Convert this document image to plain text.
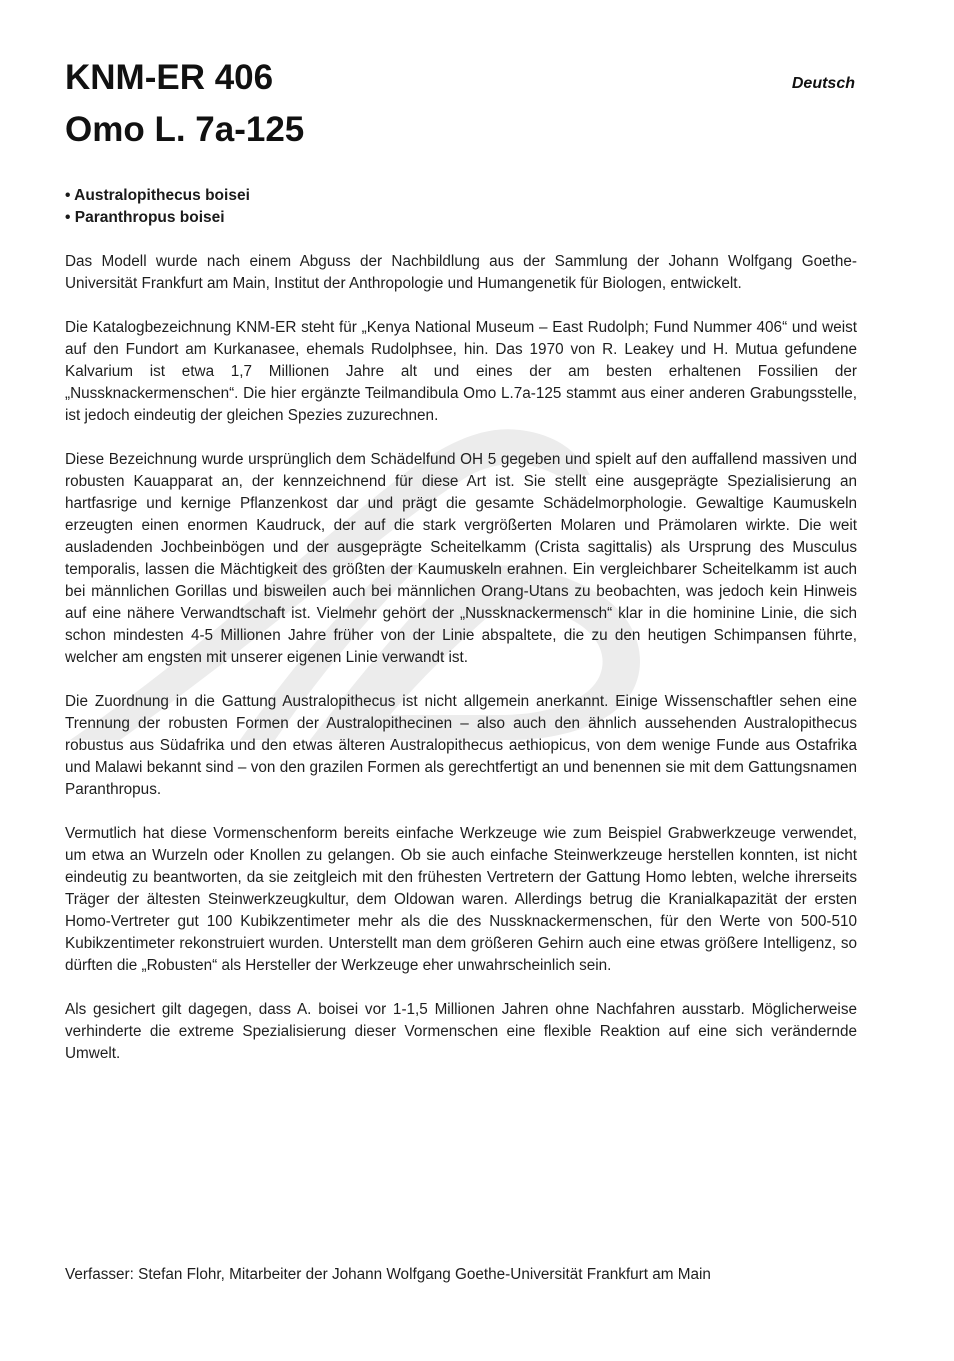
KNM-ER 406
Omo L. 7a-125
Deutsch
• Australopithecus boisei
• Paranthropus boisei

Das Modell wurde nach einem Abguss der Nachbildlung aus der Sammlung der Johann Wolfgang Goethe-Universität Frankfurt am Main, Institut der Anthropologie und Humangenetik für Biologen, entwickelt.

Die Katalogbezeichnung KNM-ER steht für „Kenya National Museum – East Rudolph; Fund Nummer 406“ und weist auf den Fundort am Kurkanasee, ehemals Rudolphsee, hin. Das 1970 von R. Leakey und H. Mutua gefundene Kalvarium ist etwa 1,7 Millionen Jahre alt und eines der am besten erhaltenen Fossilien der „Nussknackermenschen“. Die hier ergänzte Teilmandibula Omo L.7a-125 stammt aus einer anderen Grabungsstelle, ist jedoch eindeutig der gleichen Spezies zuzurechnen.

Diese Bezeichnung wurde ursprünglich dem Schädelfund OH 5 gegeben und spielt auf den auffallend massiven und robusten Kauapparat an, der kennzeichnend für diese Art ist. Sie stellt eine ausgeprägte Spezialisierung an hartfasrige und kernige Pflanzenkost dar und prägt die gesamte Schädelmorphologie. Gewaltige Kaumuskeln erzeugten einen enormen Kaudruck, der auf die stark vergrößerten Molaren und Prämolaren wirkte. Die weit ausladenden Jochbeinbögen und der ausgeprägte Scheitelkamm (Crista sagittalis) als Ursprung des Musculus temporalis, lassen die Mächtigkeit des größten der Kaumuskeln erahnen. Ein vergleichbarer Scheitelkamm ist auch bei männlichen Gorillas und bisweilen auch bei männlichen Orang-Utans zu beobachten, was jedoch kein Hinweis auf eine nähere Verwandtschaft ist. Vielmehr gehört der „Nussknackermensch“ klar in die hominine Linie, die sich schon mindesten 4-5 Millionen Jahre früher von der Linie abspaltete, die zu den heutigen Schimpansen führte, welcher am engsten mit unserer eigenen Linie verwandt ist.

Die Zuordnung in die Gattung Australopithecus ist nicht allgemein anerkannt. Einige Wissenschaftler sehen eine Trennung der robusten Formen der Australopithecinen – also auch den ähnlich aussehenden Australopithecus robustus aus Südafrika und den etwas älteren Australopithecus aethiopicus, von dem wenige Funde aus Ostafrika und Malawi bekannt sind – von den grazilen Formen als gerechtfertigt an und benennen sie mit dem Gattungsnamen Paranthropus.

Vermutlich hat diese Vormenschenform bereits einfache Werkzeuge wie zum Beispiel Grabwerkzeuge verwendet, um etwa an Wurzeln oder Knollen zu gelangen. Ob sie auch einfache Steinwerkzeuge herstellen konnten, ist nicht eindeutig zu beantworten, da sie zeitgleich mit den frühesten Vertretern der Gattung Homo lebten, welche ihrerseits Träger der ältesten Steinwerkzeugkultur, dem Oldowan waren. Allerdings betrug die Kranialkapazität der ersten Homo-Vertreter gut 100 Kubikzentimeter mehr als die des Nussknackermenschen, für den Werte von 500-510 Kubikzentimeter rekonstruiert wurden. Unterstellt man dem größeren Gehirn auch eine etwas größere Intelligenz, so dürften die „Robusten“ als Hersteller der Werkzeuge eher unwahrscheinlich sein.

Als gesichert gilt dagegen, dass A. boisei vor 1-1,5 Millionen Jahren ohne Nachfahren ausstarb. Möglicherweise verhinderte die extreme Spezialisierung dieser Vormenschen eine flexible Reaktion auf eine sich verändernde Umwelt.

Verfasser: Stefan Flohr, Mitarbeiter der Johann Wolfgang Goethe-Universität Frankfurt am Main
